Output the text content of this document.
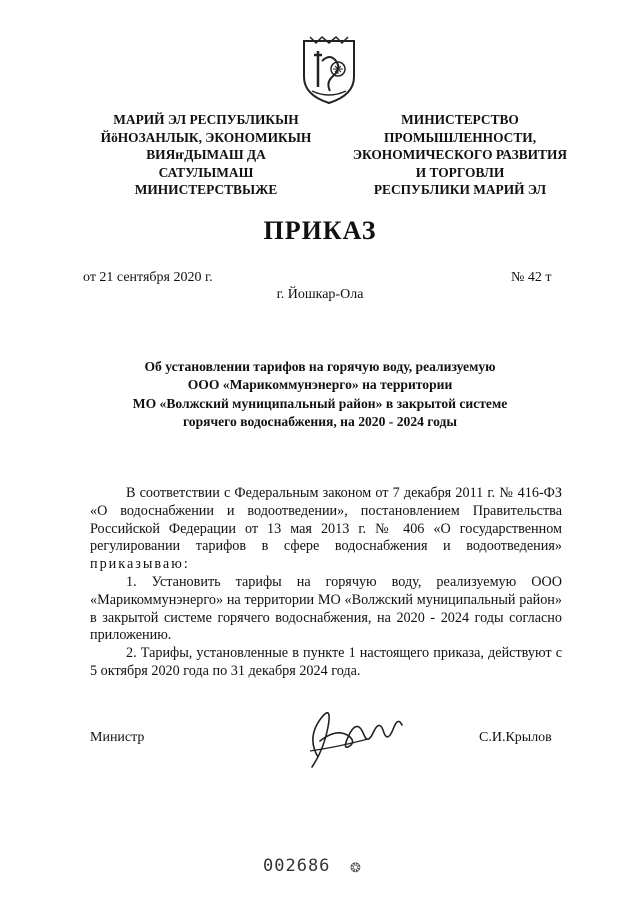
МАРИЙ ЭЛ РЕСПУБЛИКЫН
ЙӧНОЗАНЛЫК, ЭКОНОМИКЫН
ВИЯҥДЫМАШ ДА
САТУЛЫМАШ
МИНИСТЕРСТВЫЖЕ
МИНИСТЕРСТВО
ПРОМЫШЛЕННОСТИ,
ЭКОНОМИЧЕСКОГО РАЗВИТИЯ
И ТОРГОВЛИ
РЕСПУБЛИКИ МАРИЙ ЭЛ
ПРИКАЗ
от 21 сентября 2020 г.	№ 42 т
г. Йошкар-Ола
Об установлении тарифов на горячую воду, реализуемую
ООО «Марикоммунэнерго» на территории
МО «Волжский муниципальный район» в закрытой системе
горячего водоснабжения, на 2020 - 2024 годы

В соответствии с Федеральным законом от 7 декабря 2011 г. № 416-ФЗ «О водоснабжении и водоотведении», постановлением Правительства Российской Федерации от 13 мая 2013 г. № 406 «О государственном регулировании тарифов в сфере водоснабжения и водоотведения» приказываю:

1. Установить тарифы на горячую воду, реализуемую ООО «Марикоммунэнерго» на территории МО «Волжский муниципальный район» в закрытой системе горячего водоснабжения, на 2020 - 2024 годы согласно приложению.

2. Тарифы, установленные в пункте 1 настоящего приказа, действуют с 5 октября 2020 года по 31 декабря 2024 года.

Министр	С.И.Крылов
002686 ❂
